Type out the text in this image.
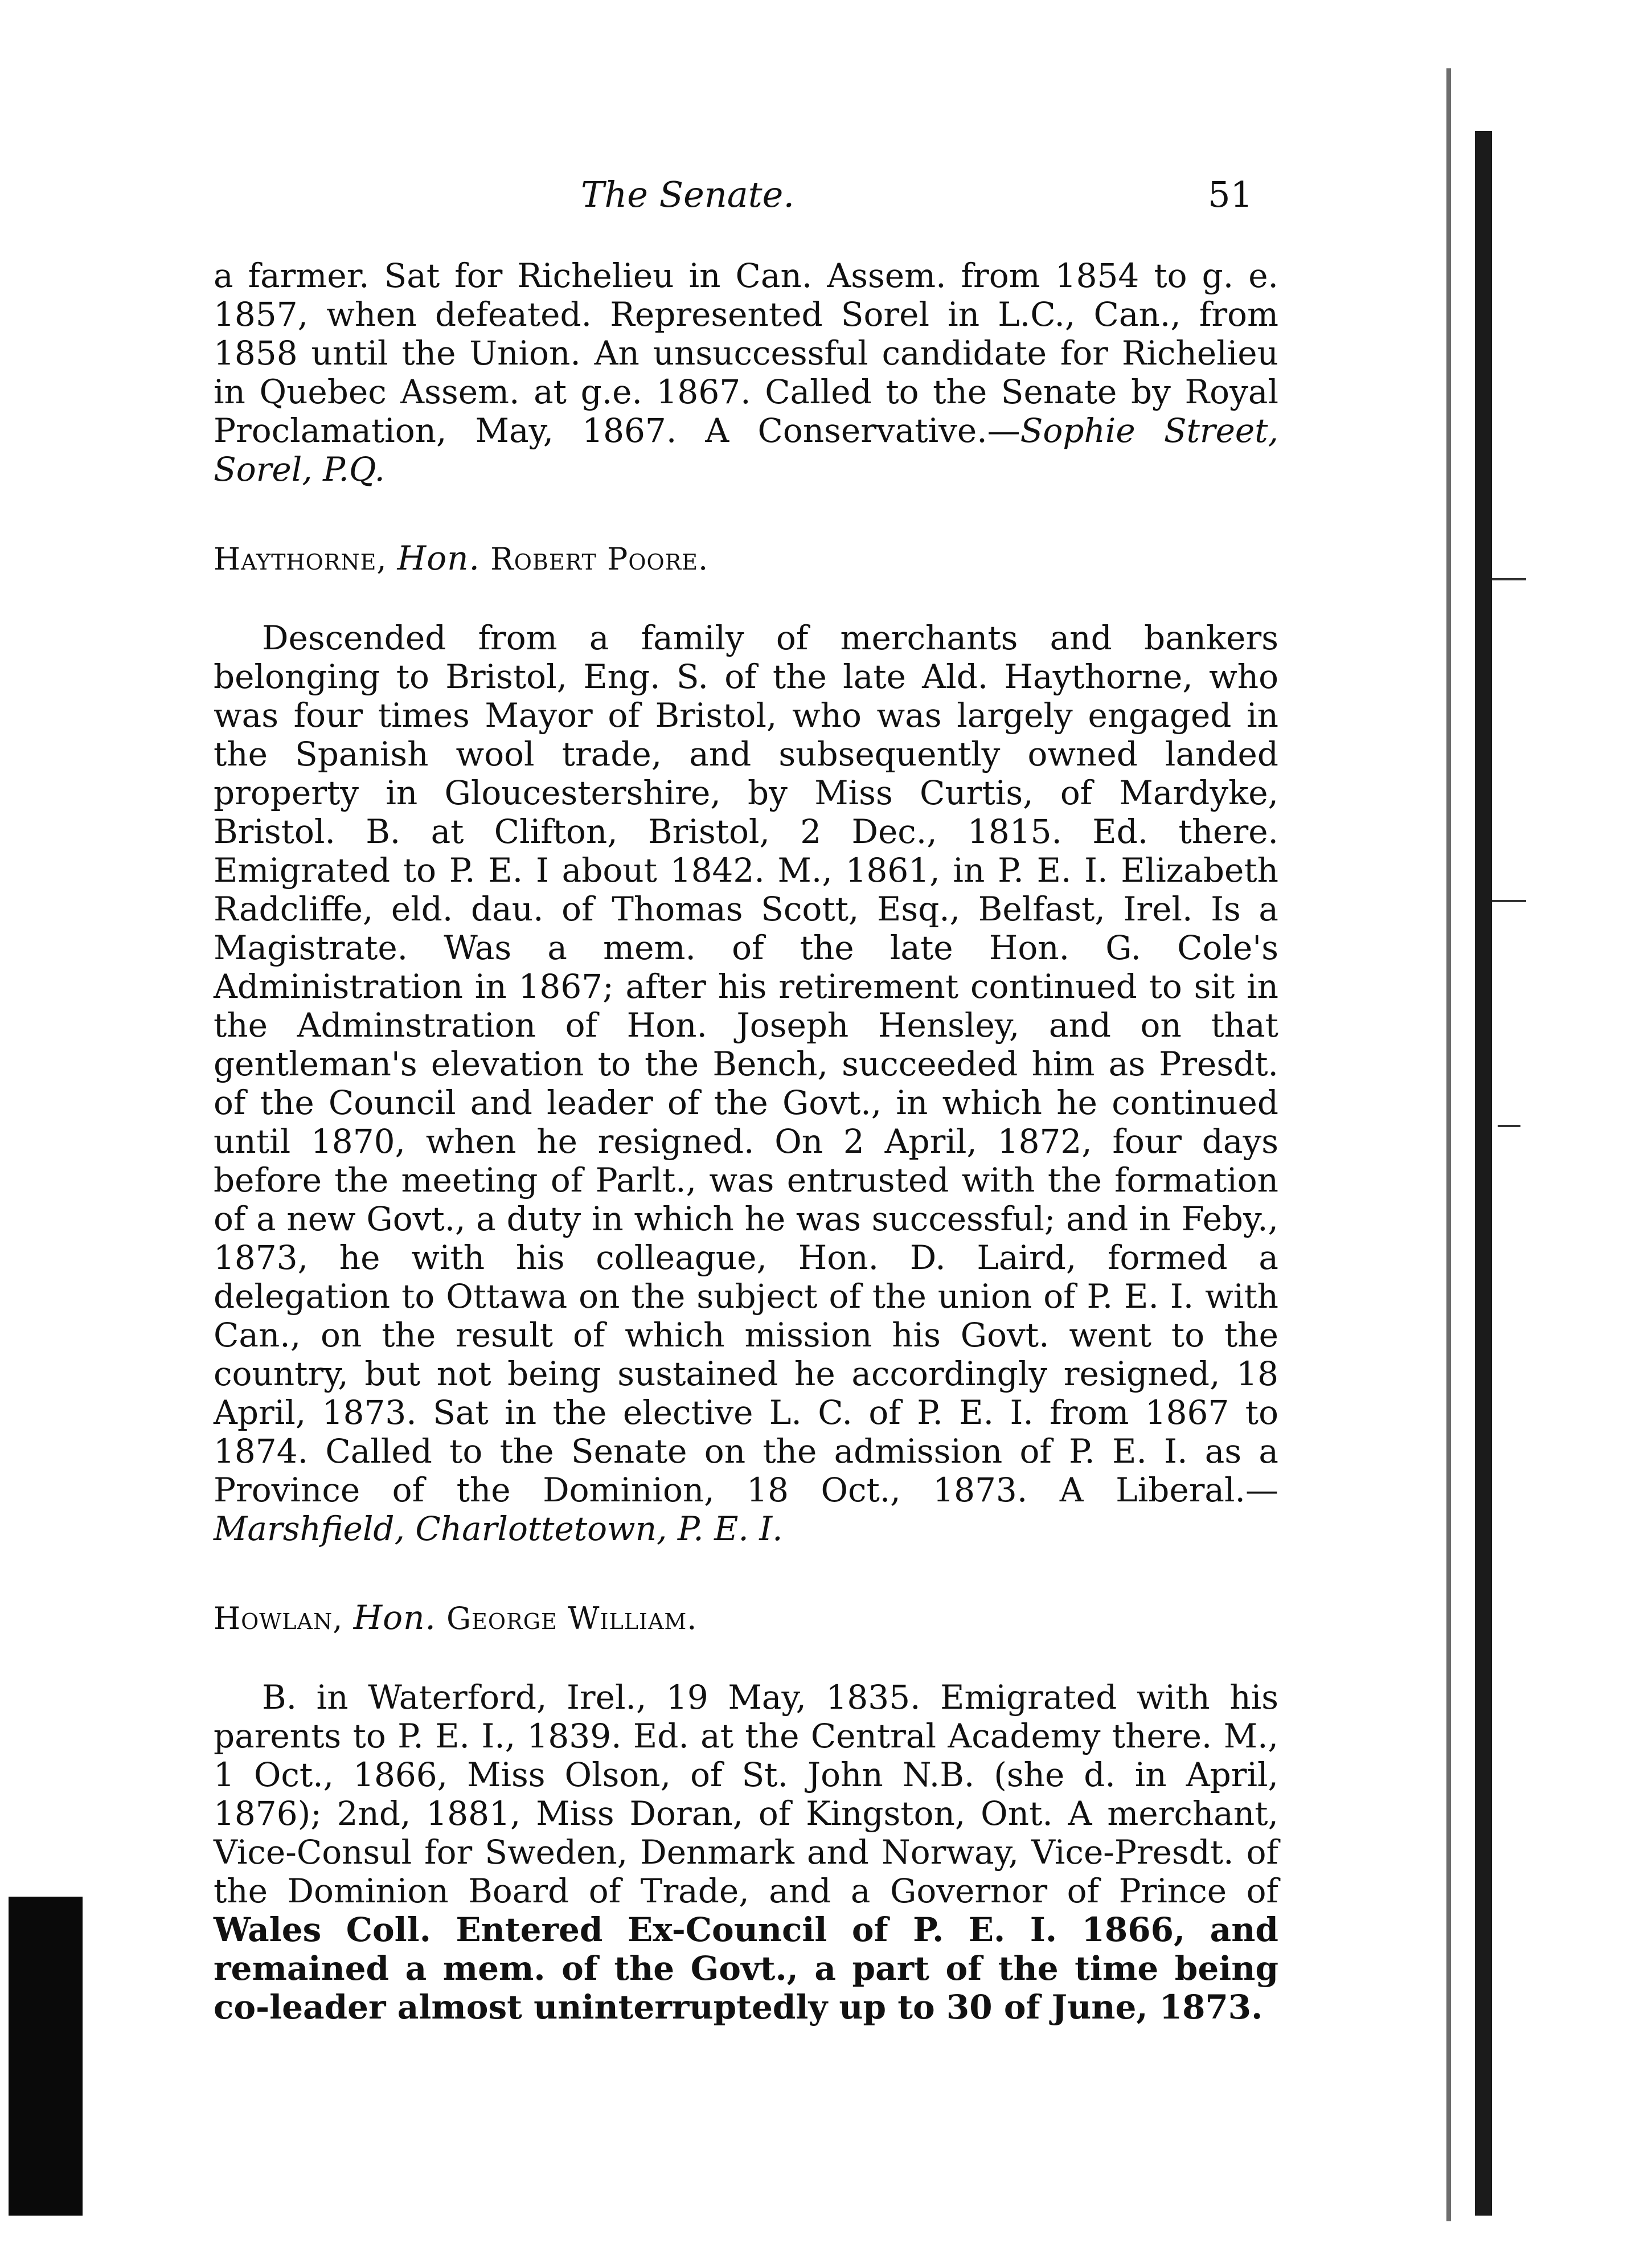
The Senate.	51

a farmer. Sat for Richelieu in Can. Assem. from 1854 to g. e. 1857, when defeated. Represented Sorel in L.C., Can., from 1858 until the Union. An unsuccessful candidate for Richelieu in Quebec Assem. at g.e. 1867. Called to the Senate by Royal Proclamation, May, 1867. A Conservative.—Sophie Street, Sorel, P.Q.

Haythorne, Hon. Robert Poore.

Descended from a family of merchants and bankers belonging to Bristol, Eng. S. of the late Ald. Haythorne, who was four times Mayor of Bristol, who was largely engaged in the Spanish wool trade, and subsequently owned landed property in Gloucestershire, by Miss Curtis, of Mardyke, Bristol. B. at Clifton, Bristol, 2 Dec., 1815. Ed. there. Emigrated to P. E. I about 1842. M., 1861, in P. E. I. Elizabeth Radcliffe, eld. dau. of Thomas Scott, Esq., Belfast, Irel. Is a Magistrate. Was a mem. of the late Hon. G. Cole's Administration in 1867; after his retirement continued to sit in the Adminstration of Hon. Joseph Hensley, and on that gentleman's elevation to the Bench, succeeded him as Presdt. of the Council and leader of the Govt., in which he continued until 1870, when he resigned. On 2 April, 1872, four days before the meeting of Parlt., was entrusted with the formation of a new Govt., a duty in which he was successful; and in Feby., 1873, he with his colleague, Hon. D. Laird, formed a delegation to Ottawa on the subject of the union of P. E. I. with Can., on the result of which mission his Govt. went to the country, but not being sustained he accordingly resigned, 18 April, 1873. Sat in the elective L. C. of P. E. I. from 1867 to 1874. Called to the Senate on the admission of P. E. I. as a Province of the Dominion, 18 Oct., 1873. A Liberal.—Marshfield, Charlottetown, P. E. I.

Howlan, Hon. George William.

B. in Waterford, Irel., 19 May, 1835. Emigrated with his parents to P. E. I., 1839. Ed. at the Central Academy there. M., 1 Oct., 1866, Miss Olson, of St. John N.B. (she d. in April, 1876); 2nd, 1881, Miss Doran, of Kingston, Ont. A merchant, Vice-Consul for Sweden, Denmark and Norway, Vice-Presdt. of the Dominion Board of Trade, and a Governor of Prince of Wales Coll. Entered Ex-Council of P. E. I. 1866, and remained a mem. of the Govt., a part of the time being co-leader almost uninterruptedly up to 30 of June, 1873.
